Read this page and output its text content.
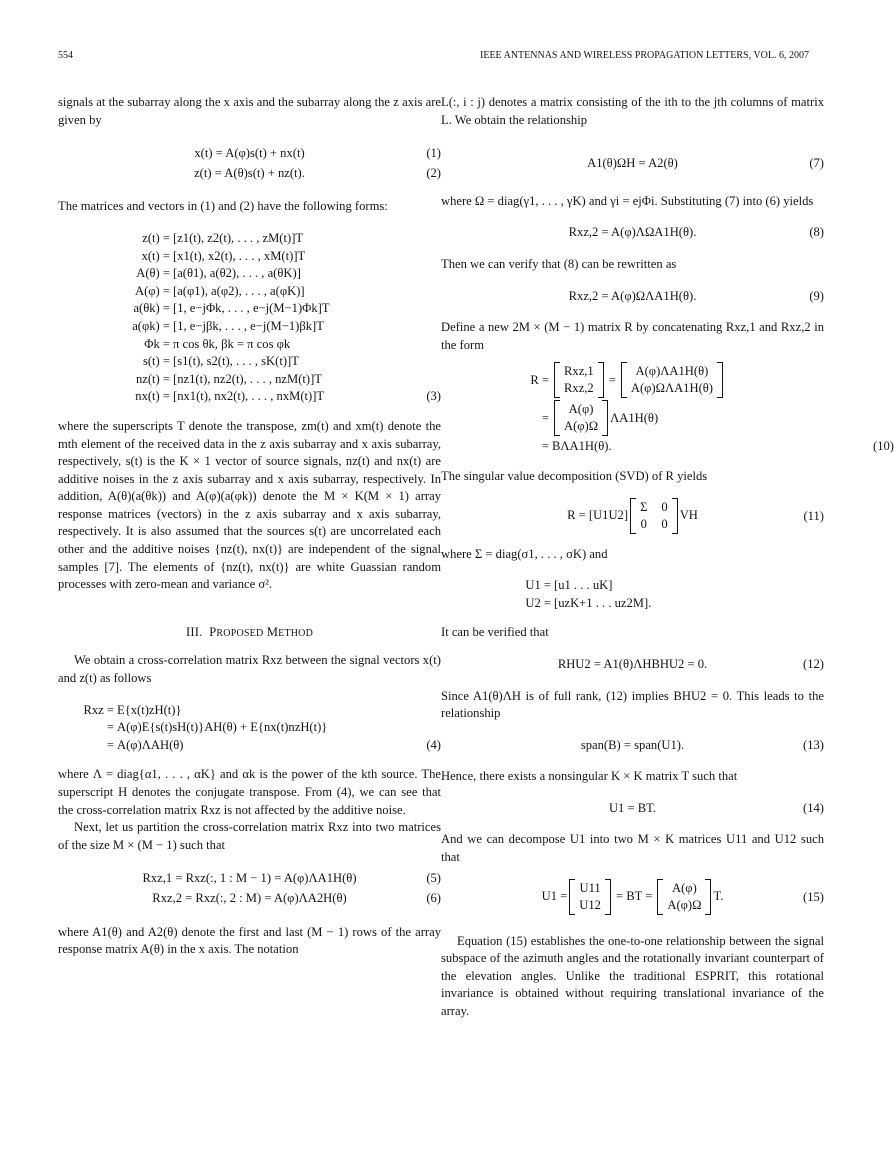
554	IEEE ANTENNAS AND WIRELESS PROPAGATION LETTERS, VOL. 6, 2007

signals at the subarray along the x axis and the subarray along the z axis are given by

x(t) = A(φ)s(t) + nx(t)	(1)
z(t) = A(θ)s(t) + nz(t).	(2)

The matrices and vectors in (1) and (2) have the following forms:

z(t) = [z1(t), z2(t), . . . , zM(t)]T
x(t) = [x1(t), x2(t), . . . , xM(t)]T
A(θ) = [a(θ1), a(θ2), . . . , a(θK)]
A(φ) = [a(φ1), a(φ2), . . . , a(φK)]
a(θk) = [1, e−jΦk, . . . , e−j(M−1)Φk]T
a(φk) = [1, e−jβk, . . . , e−j(M−1)βk]T
Φk = π cos θk, βk = π cos φk
s(t) = [s1(t), s2(t), . . . , sK(t)]T
nz(t) = [nz1(t), nz2(t), . . . , nzM(t)]T
nx(t) = [nx1(t), nx2(t), . . . , nxM(t)]T	(3)

where the superscripts T denote the transpose, zm(t) and xm(t) denote the mth element of the received data in the z axis subarray and x axis subarray, respectively, s(t) is the K × 1 vector of source signals, nz(t) and nx(t) are additive noises in the z axis subarray and x axis subarray, respectively. In addition, A(θ)(a(θk)) and A(φ)(a(φk)) denote the M × K(M × 1) array response matrices (vectors) in the z axis subarray and x axis subarray, respectively. It is also assumed that the sources s(t) are uncorrelated each other and the additive noises {nz(t), nx(t)} are independent of the signal samples [7]. The elements of {nz(t), nx(t)} are white Guassian random processes with zero-mean and variance σ².

III. PROPOSED METHOD

We obtain a cross-correlation matrix Rxz between the signal vectors x(t) and z(t) as follows

Rxz = E{x(t)zH(t)}
= A(φ)E{s(t)sH(t)}AH(θ) + E{nx(t)nzH(t)}
= A(φ)ΛAH(θ)	(4)

where Λ = diag{α1, . . . , αK} and αk is the power of the kth source. The superscript H denotes the conjugate transpose. From (4), we can see that the cross-correlation matrix Rxz is not affected by the additive noise.

Next, let us partition the cross-correlation matrix Rxz into two matrices of the size M × (M − 1) such that

Rxz,1 = Rxz(:, 1 : M − 1) = A(φ)ΛA1H(θ)	(5)
Rxz,2 = Rxz(:, 2 : M) = A(φ)ΛA2H(θ)	(6)

where A1(θ) and A2(θ) denote the first and last (M − 1) rows of the array response matrix A(θ) in the x axis. The notation

L(:, i : j) denotes a matrix consisting of the ith to the jth columns of matrix L. We obtain the relationship

A1(θ)ΩH = A2(θ)	(7)

where Ω = diag(γ1, . . . , γK) and γi = ejΦi. Substituting (7) into (6) yields

Rxz,2 = A(φ)ΛΩA1H(θ).	(8)

Then we can verify that (8) can be rewritten as

Rxz,2 = A(φ)ΩΛA1H(θ).	(9)

Define a new 2M × (M − 1) matrix R by concatenating Rxz,1 and Rxz,2 in the form

R =
Rxz,1
Rxz,2
=
A(φ)ΛA1H(θ)
A(φ)ΩΛA1H(θ)
=
A(φ)
A(φ)Ω
ΛA1H(θ)
= BΛA1H(θ).	(10)

The singular value decomposition (SVD) of R yields

R = [U1U2]
Σ 0
0 0
VH	(11)

where Σ = diag(σ1, . . . , σK) and

U1 = [u1 . . . uK]
U2 = [uzK+1 . . . uz2M].

It can be verified that

RHU2 = A1(θ)ΛHBHU2 = 0.	(12)

Since A1(θ)ΛH is of full rank, (12) implies BHU2 = 0. This leads to the relationship

span(B) = span(U1).	(13)

Hence, there exists a nonsingular K × K matrix T such that

U1 = BT.	(14)

And we can decompose U1 into two M × K matrices U11 and U12 such that

U1 =
U11
U12
= BT =
A(φ)
A(φ)Ω
T.	(15)

Equation (15) establishes the one-to-one relationship between the signal subspace of the azimuth angles and the rotationally invariant counterpart of the elevation angles. Unlike the traditional ESPRIT, this rotational invariance is obtained without requiring translational invariance of the array.
